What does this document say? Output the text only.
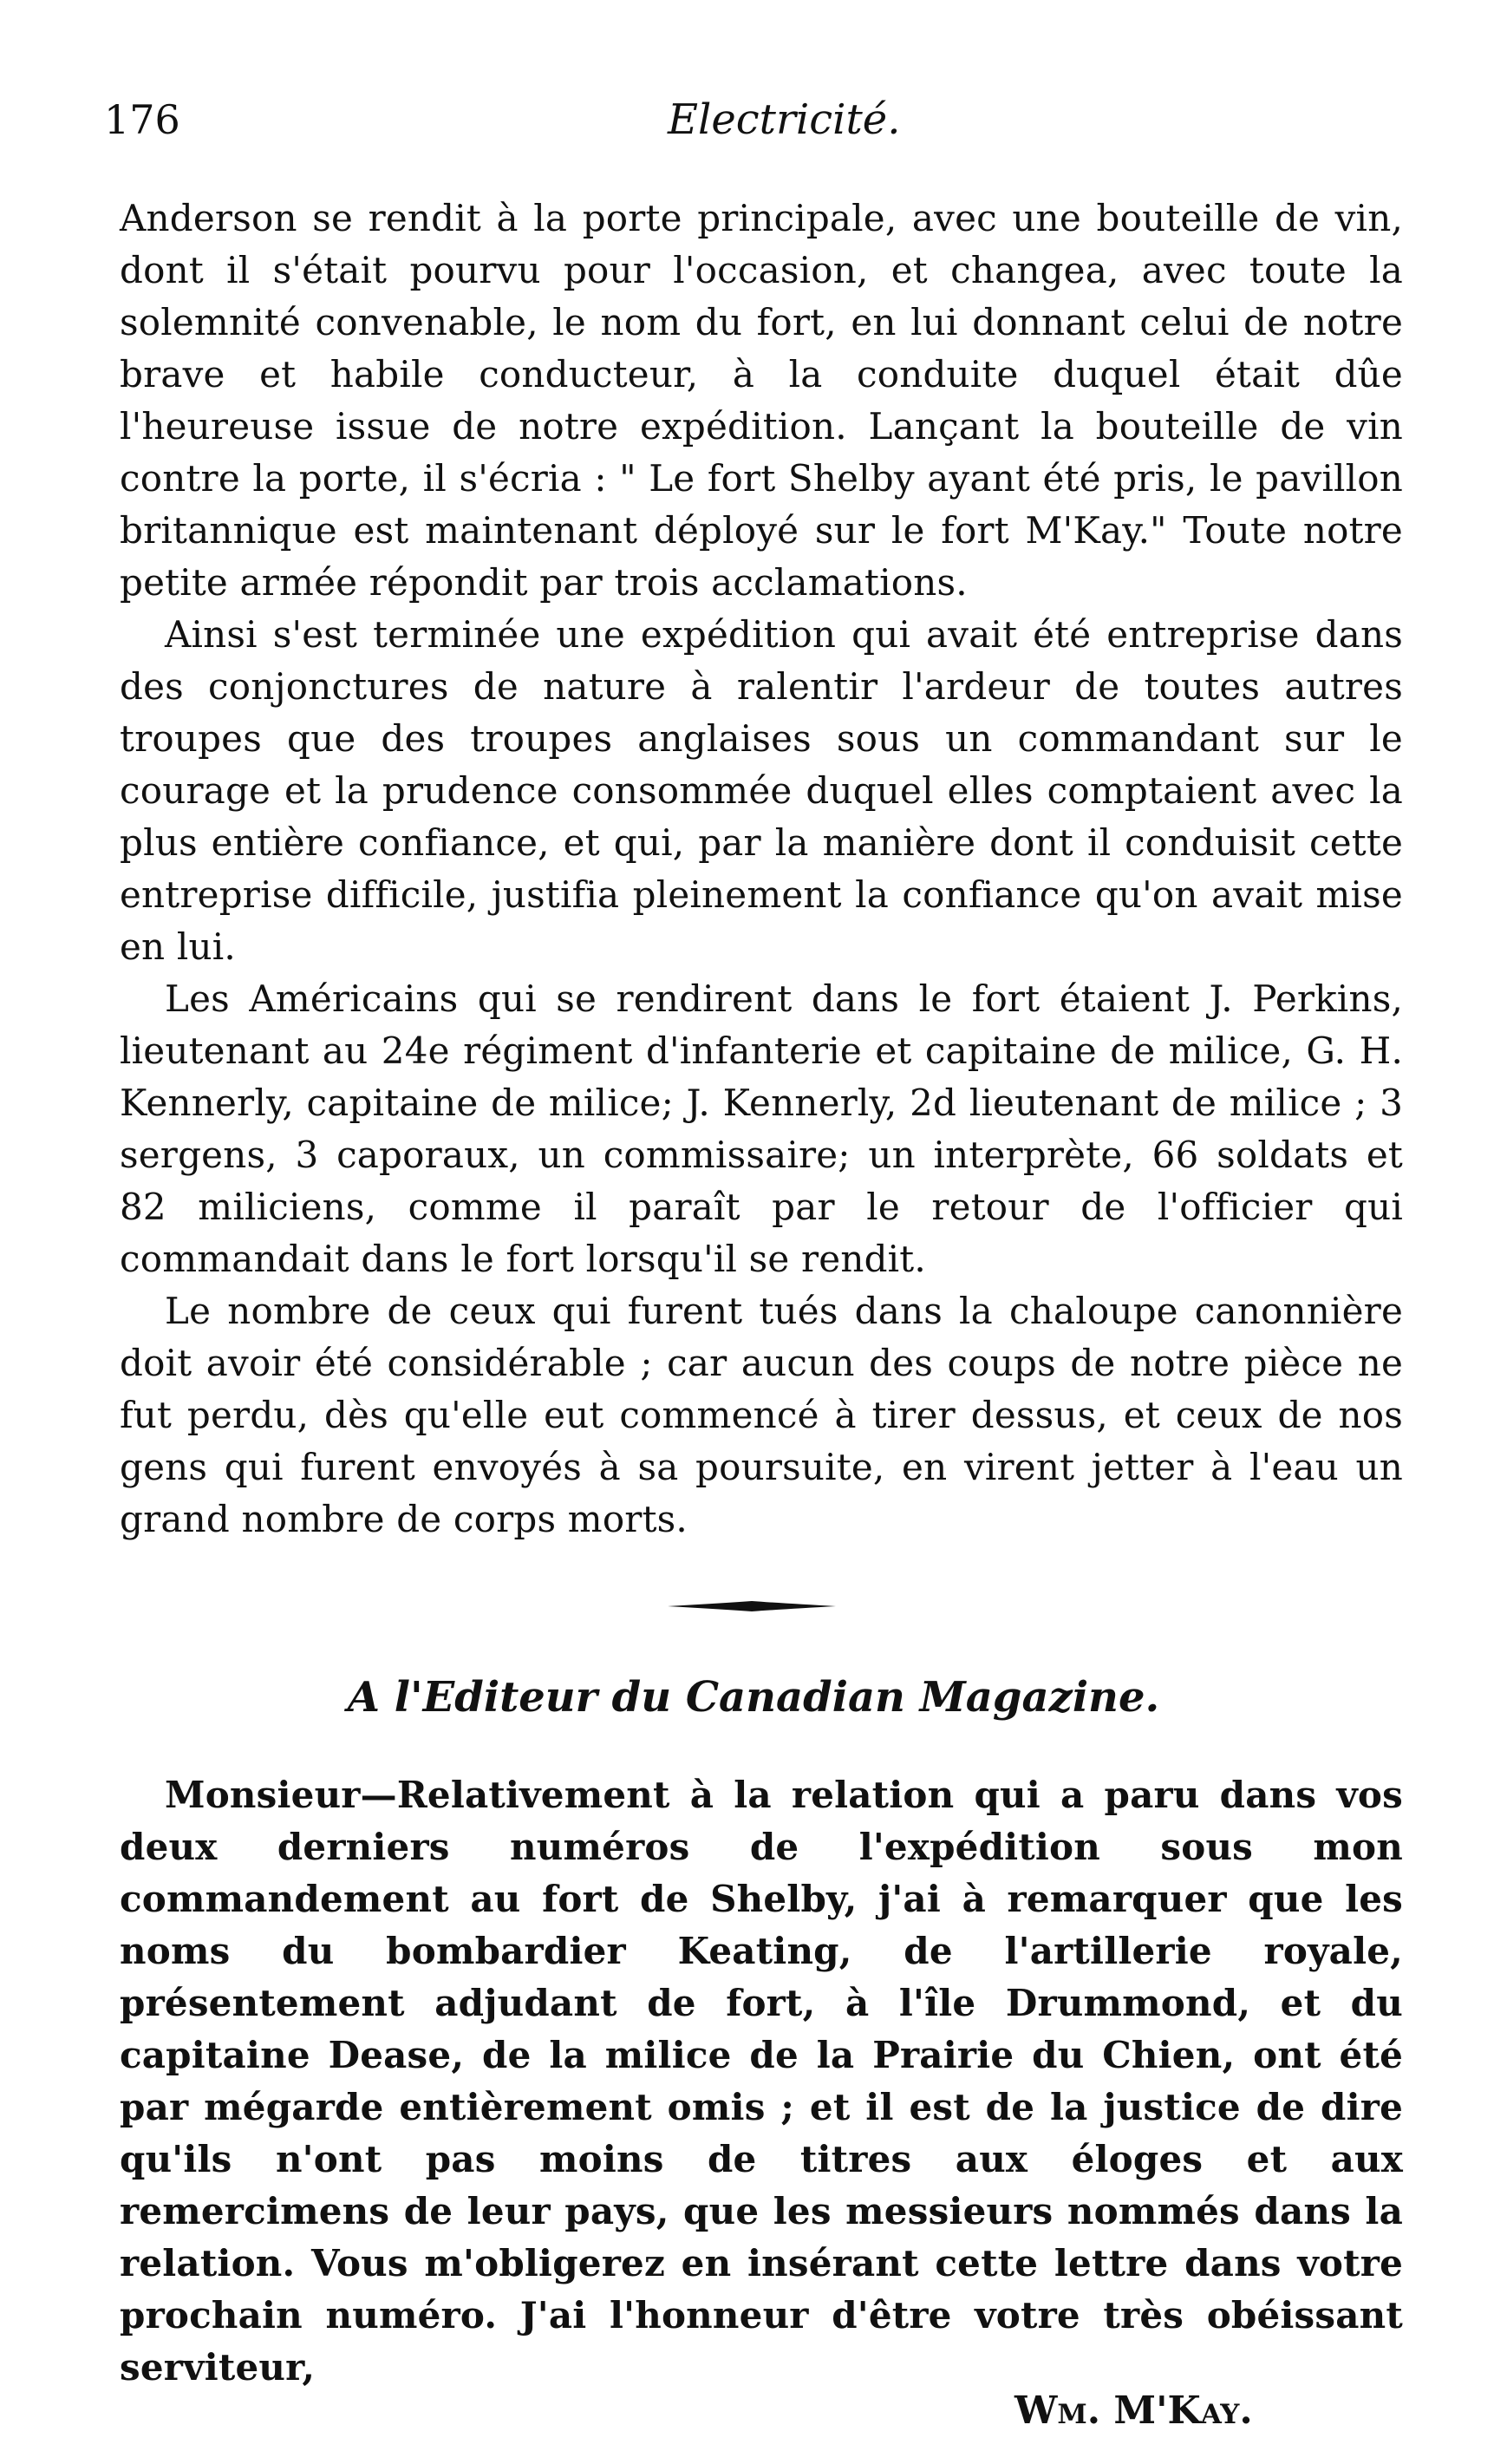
176	Electricité.

Anderson se rendit à la porte principale, avec une bouteille de vin, dont il s'était pourvu pour l'occasion, et changea, avec toute la solemnité convenable, le nom du fort, en lui donnant celui de notre brave et habile conducteur, à la conduite duquel était dûe l'heureuse issue de notre expédition. Lançant la bouteille de vin contre la porte, il s'écria : " Le fort Shelby ayant été pris, le pavillon britannique est maintenant déployé sur le fort M'Kay." Toute notre petite armée répondit par trois acclamations.

Ainsi s'est terminée une expédition qui avait été entreprise dans des conjonctures de nature à ralentir l'ardeur de toutes autres troupes que des troupes anglaises sous un commandant sur le courage et la prudence consommée duquel elles comptaient avec la plus entière confiance, et qui, par la manière dont il conduisit cette entreprise difficile, justifia pleinement la confiance qu'on avait mise en lui.

Les Américains qui se rendirent dans le fort étaient J. Perkins, lieutenant au 24e régiment d'infanterie et capitaine de milice, G. H. Kennerly, capitaine de milice; J. Kennerly, 2d lieutenant de milice ; 3 sergens, 3 caporaux, un commissaire; un interprète, 66 soldats et 82 miliciens, comme il paraît par le retour de l'officier qui commandait dans le fort lorsqu'il se rendit.

Le nombre de ceux qui furent tués dans la chaloupe canonnière doit avoir été considérable ; car aucun des coups de notre pièce ne fut perdu, dès qu'elle eut commencé à tirer dessus, et ceux de nos gens qui furent envoyés à sa poursuite, en virent jetter à l'eau un grand nombre de corps morts.

A l'Editeur du Canadian Magazine.

Monsieur—Relativement à la relation qui a paru dans vos deux derniers numéros de l'expédition sous mon commandement au fort de Shelby, j'ai à remarquer que les noms du bombardier Keating, de l'artillerie royale, présentement adjudant de fort, à l'île Drummond, et du capitaine Dease, de la milice de la Prairie du Chien, ont été par mégarde entièrement omis ; et il est de la justice de dire qu'ils n'ont pas moins de titres aux éloges et aux remercimens de leur pays, que les messieurs nommés dans la relation. Vous m'obligerez en insérant cette lettre dans votre prochain numéro. J'ai l'honneur d'être votre très obéissant serviteur,

Wm. M'Kay.
